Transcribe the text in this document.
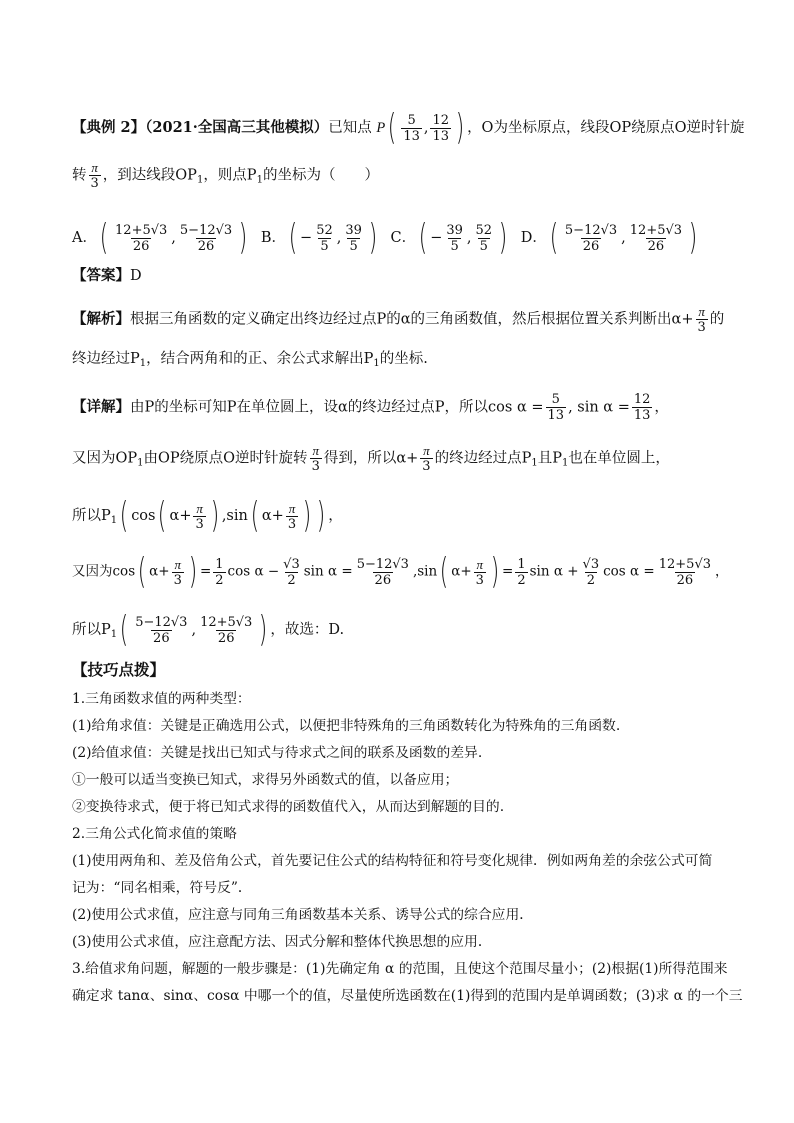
【典例 2】（2021·全国高三其他模拟）已知点 $P( \frac{5}{13}$ , $\frac{12}{13}$ ) ，O为坐标原点，线段OP绕原点O逆时针旋
转 $\frac{\pi}{3}$ ，到达线段$OP_1$，则点$P_1$的坐标为（　　）
A．( $\frac{12+5√3}{26}$ , $\frac{5-12√3}{26}$ ) B．( − $\frac{52}{5}$ , $\frac{39}{5}$ ) C．( − $\frac{39}{5}$ , $\frac{52}{5}$ ) D．( $\frac{5-12√3}{26}$ , $\frac{12+5√3}{26}$ )
【答案】D
【解析】根据三角函数的定义确定出终边经过点P的α的三角函数值，然后根据位置关系判断出$\alpha+ \frac{\pi}{3}$ 的
终边经过$P_1$，结合两角和的正、余公式求解出$P_1$的坐标.
【详解】由P的坐标可知P在单位圆上，设α的终边经过点P，所以$\cos \alpha = \frac{5}{13}$ , $\sin \alpha = \frac{12}{13}$ ，
又因为$OP_1$由OP绕原点O逆时针旋转 $\frac{\pi}{3}$ 得到，所以$\alpha+ \frac{\pi}{3}$ 的终边经过点$P_1$且$P_1$也在单位圆上，
所以$P_1$( cos( $\alpha+ \frac{\pi}{3}$ ) ,sin( $\alpha+ \frac{\pi}{3}$ ) ) ，
又因为cos( $\alpha+ \frac{\pi}{3}$ ) = $\frac{1}{2}$ $\cos \alpha - \frac{√3}{2}$ $\sin \alpha = \frac{5-12√3}{26} ,\sin$( $\alpha+ \frac{\pi}{3}$ ) = $\frac{1}{2}$ $\sin \alpha + \frac{√3}{2}$ $\cos \alpha = \frac{12+5√3}{26}$ ，
所以$P_1( \frac{5-12√3}{26}$ , $\frac{12+5√3}{26}$ ) ，故选：D.
【技巧点拨】
1.三角函数求值的两种类型：
(1)给角求值：关键是正确选用公式，以便把非特殊角的三角函数转化为特殊角的三角函数.
(2)给值求值：关键是找出已知式与待求式之间的联系及函数的差异.
①一般可以适当变换已知式，求得另外函数式的值，以备应用；
②变换待求式，便于将已知式求得的函数值代入，从而达到解题的目的.
2.三角公式化简求值的策略
(1)使用两角和、差及倍角公式，首先要记住公式的结构特征和符号变化规律．例如两角差的余弦公式可简
记为：“同名相乘，符号反”．
(2)使用公式求值，应注意与同角三角函数基本关系、诱导公式的综合应用．
(3)使用公式求值，应注意配方法、因式分解和整体代换思想的应用．
3.给值求角问题，解题的一般步骤是：(1)先确定角 α 的范围，且使这个范围尽量小；(2)根据(1)所得范围来
确定求 tanα、sinα、cosα 中哪一个的值，尽量使所选函数在(1)得到的范围内是单调函数；(3)求 α 的一个三
